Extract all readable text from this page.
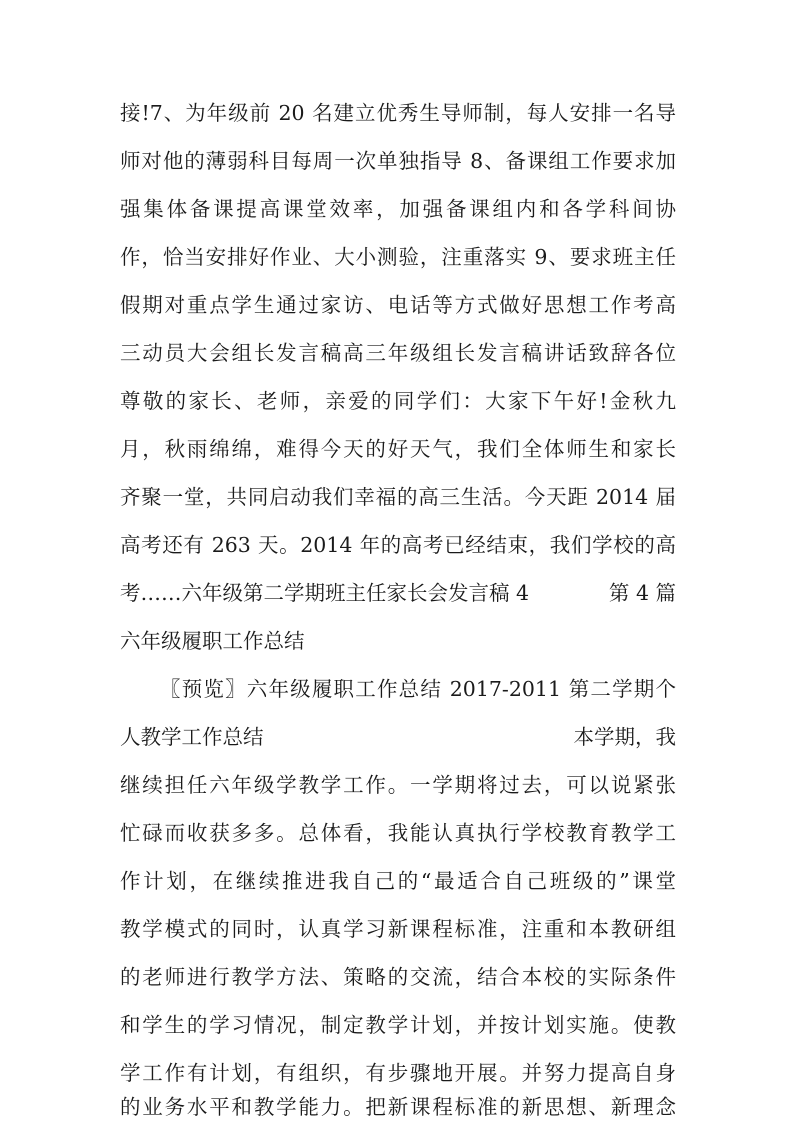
接!7、为年级前 20 名建立优秀生导师制，每人安排一名导
师对他的薄弱科目每周一次单独指导 8、备课组工作要求加
强集体备课提高课堂效率，加强备课组内和各学科间协
作，恰当安排好作业、大小测验，注重落实 9、要求班主任
假期对重点学生通过家访、电话等方式做好思想工作考高
三动员大会组长发言稿高三年级组长发言稿讲话致辞各位
尊敬的家长、老师，亲爱的同学们：大家下午好!金秋九
月，秋雨绵绵，难得今天的好天气，我们全体师生和家长
齐聚一堂，共同启动我们幸福的高三生活。今天距 2014 届
高考还有 263 天。2014 年的高考已经结束，我们学校的高
考……六年级第二学期班主任家长会发言稿 4	第 4 篇
六年级履职工作总结
〖预览〗六年级履职工作总结 2017-2011 第二学期个
人教学工作总结	本学期，我
继续担任六年级学教学工作。一学期将过去，可以说紧张
忙碌而收获多多。总体看，我能认真执行学校教育教学工
作计划，在继续推进我自己的“最适合自己班级的”课堂
教学模式的同时，认真学习新课程标准，注重和本教研组
的老师进行教学方法、策略的交流，结合本校的实际条件
和学生的学习情况，制定教学计划，并按计划实施。使教
学工作有计划，有组织，有步骤地开展。并努力提高自身
的业务水平和教学能力。把新课程标准的新思想、新理念
